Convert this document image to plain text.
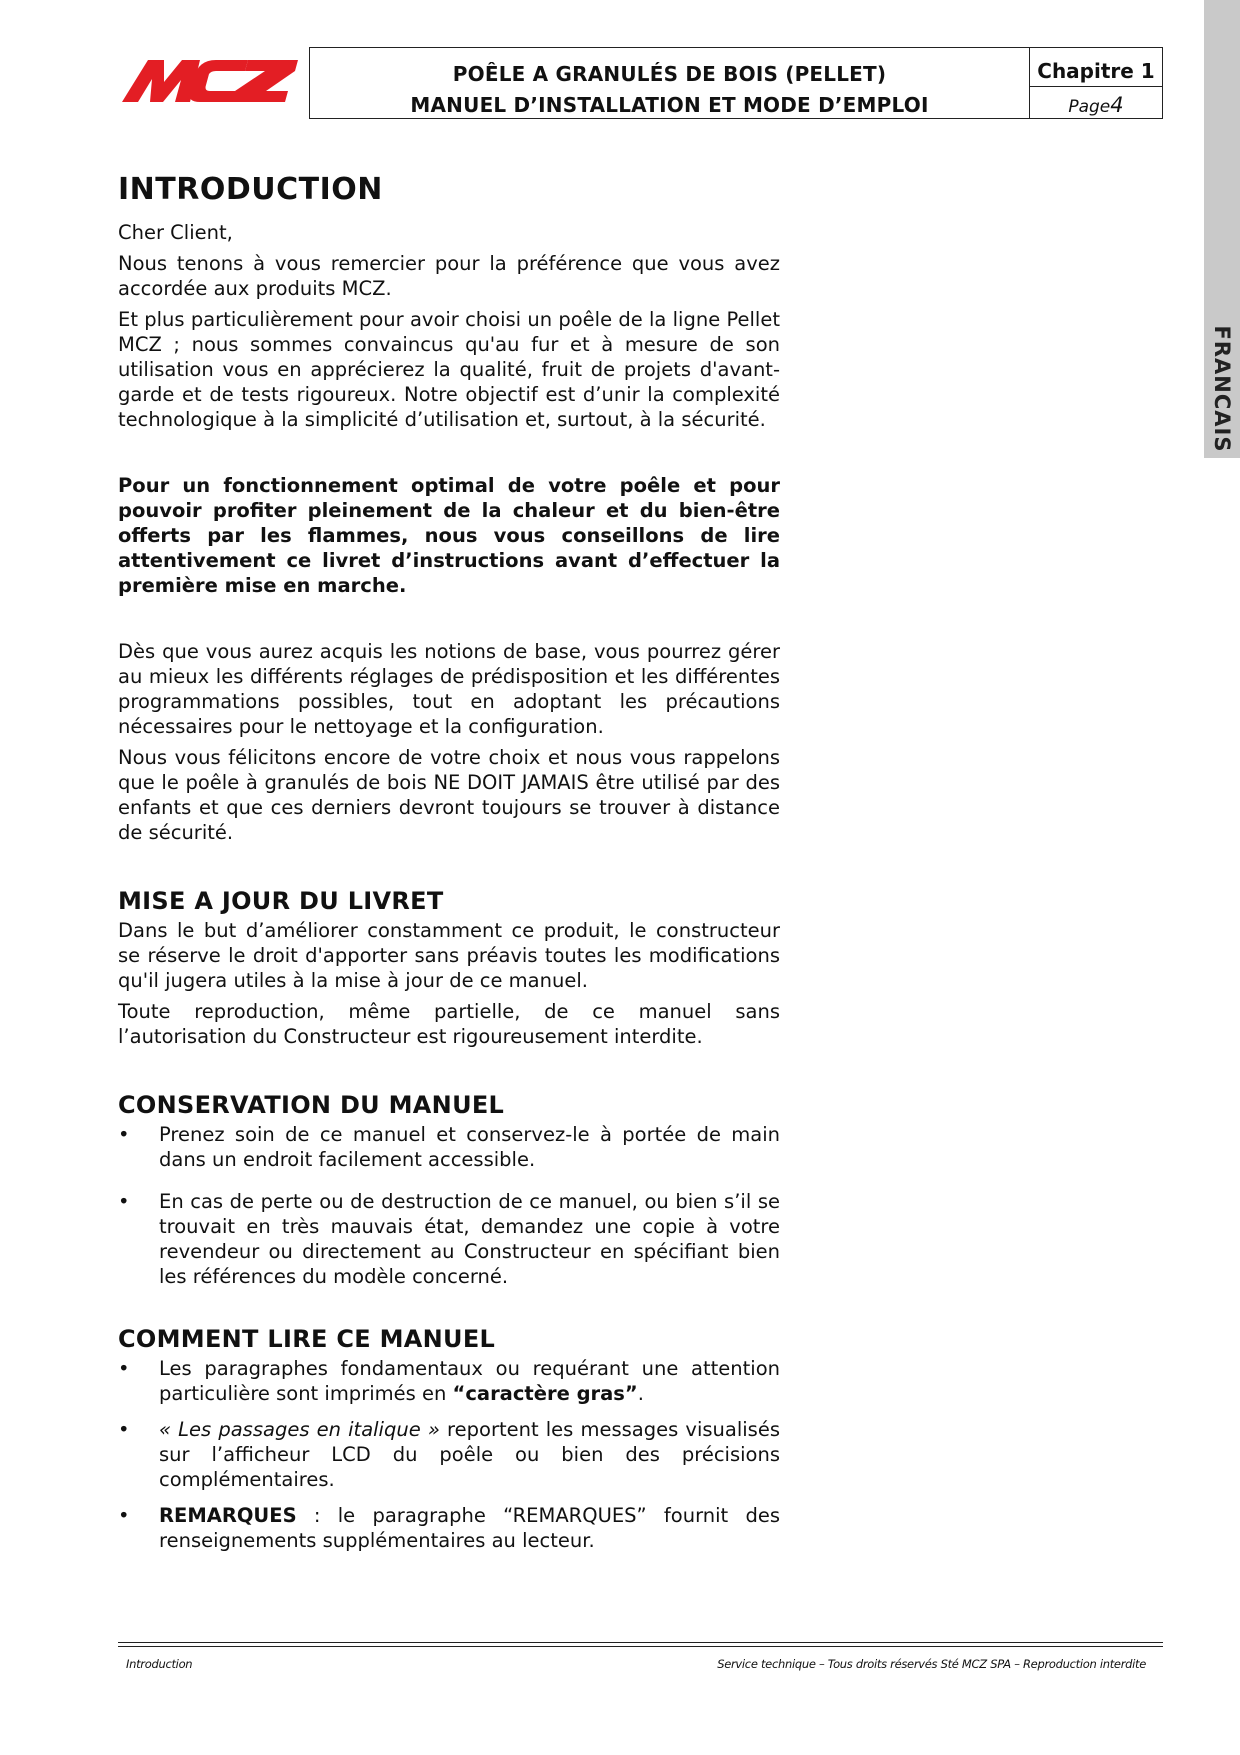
POÊLE A GRANULÉS DE BOIS (PELLET)
MANUEL D’INSTALLATION ET MODE D’EMPLOI
Chapitre 1
Page4
FRANCAIS
INTRODUCTION

Cher Client,

Nous tenons à vous remercier pour la préférence que vous avez accordée aux produits MCZ.

Et plus particulièrement pour avoir choisi un poêle de la ligne Pellet MCZ ; nous sommes convaincus qu'au fur et à mesure de son utilisation vous en apprécierez la qualité, fruit de projets d'avant-garde et de tests rigoureux. Notre objectif est d’unir la complexité technologique à la simplicité d’utilisation et, surtout, à la sécurité.

Pour un fonctionnement optimal de votre poêle et pour pouvoir profiter pleinement de la chaleur et du bien-être offerts par les flammes, nous vous conseillons de lire attentivement ce livret d’instructions avant d’effectuer la première mise en marche.

Dès que vous aurez acquis les notions de base, vous pourrez gérer au mieux les différents réglages de prédisposition et les différentes programmations possibles, tout en adoptant les précautions nécessaires pour le nettoyage et la configuration.

Nous vous félicitons encore de votre choix et nous vous rappelons que le poêle à granulés de bois NE DOIT JAMAIS être utilisé par des enfants et que ces derniers devront toujours se trouver à distance de sécurité.

MISE A JOUR DU LIVRET

Dans le but d’améliorer constamment ce produit, le constructeur se réserve le droit d'apporter sans préavis toutes les modifications qu'il jugera utiles à la mise à jour de ce manuel.

Toute reproduction, même partielle, de ce manuel sans l’autorisation du Constructeur est rigoureusement interdite.

CONSERVATION DU MANUEL
• Prenez soin de ce manuel et conservez-le à portée de main dans un endroit facilement accessible.
• En cas de perte ou de destruction de ce manuel, ou bien s’il se trouvait en très mauvais état, demandez une copie à votre revendeur ou directement au Constructeur en spécifiant bien les références du modèle concerné.
COMMENT LIRE CE MANUEL
• Les paragraphes fondamentaux ou requérant une attention particulière sont imprimés en “caractère gras”.
• « Les passages en italique » reportent les messages visualisés sur l’afficheur LCD du poêle ou bien des précisions complémentaires.
• REMARQUES : le paragraphe “REMARQUES” fournit des renseignements supplémentaires au lecteur.
Introduction	Service technique – Tous droits réservés Sté MCZ SPA – Reproduction interdite
